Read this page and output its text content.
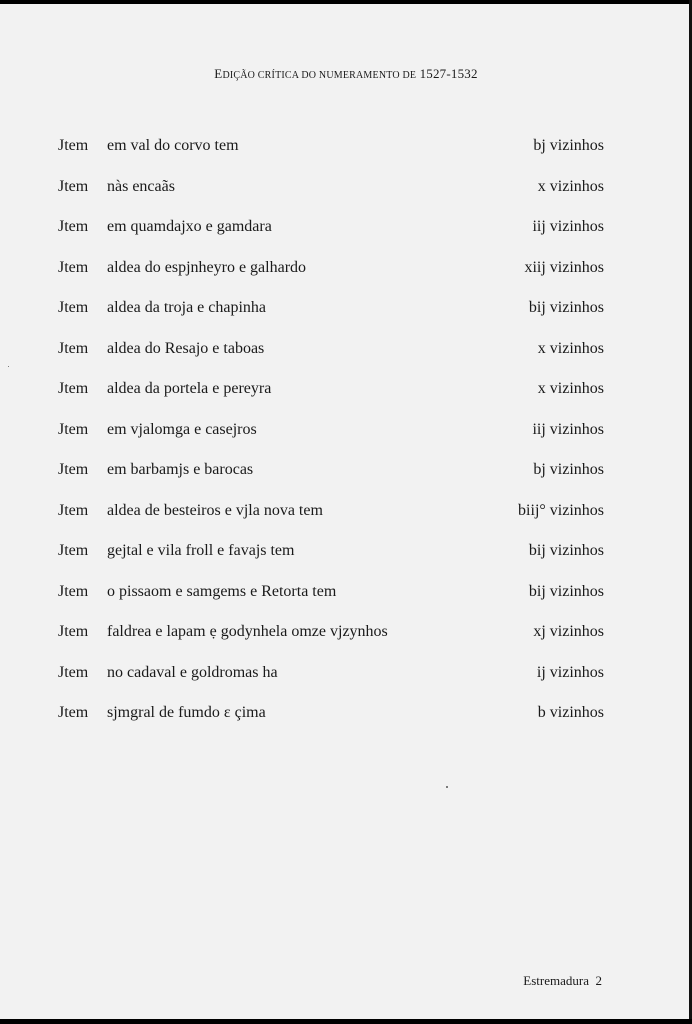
EDIÇÃO CRÍTICA DO NUMERAMENTO DE 1527-1532
Jtem em val do corvo tem	bj vizinhos
Jtem nàs encaãs	x vizinhos
Jtem em quamdajxo e gamdara	iij vizinhos
Jtem aldea do espjnheyro e galhardo	xiij vizinhos
Jtem aldea da troja e chapinha	bij vizinhos
Jtem aldea do Resajo e taboas	x vizinhos
Jtem aldea da portela e pereyra	x vizinhos
Jtem em vjalomga e casejros	iij vizinhos
Jtem em barbamjs e barocas	bj vizinhos
Jtem aldea de besteiros e vjla nova tem	biij° vizinhos
Jtem gejtal e vila froll e favajs tem	bij vizinhos
Jtem o pissaom e samgems e Retorta tem	bij vizinhos
Jtem faldrea e lapam ẹ godynhela omze vjzynhos	xj vizinhos
Jtem no cadaval e goldromas ha	ij vizinhos
Jtem sjmgral de fumdo ɛ çima	b vizinhos
Estremadura 2
